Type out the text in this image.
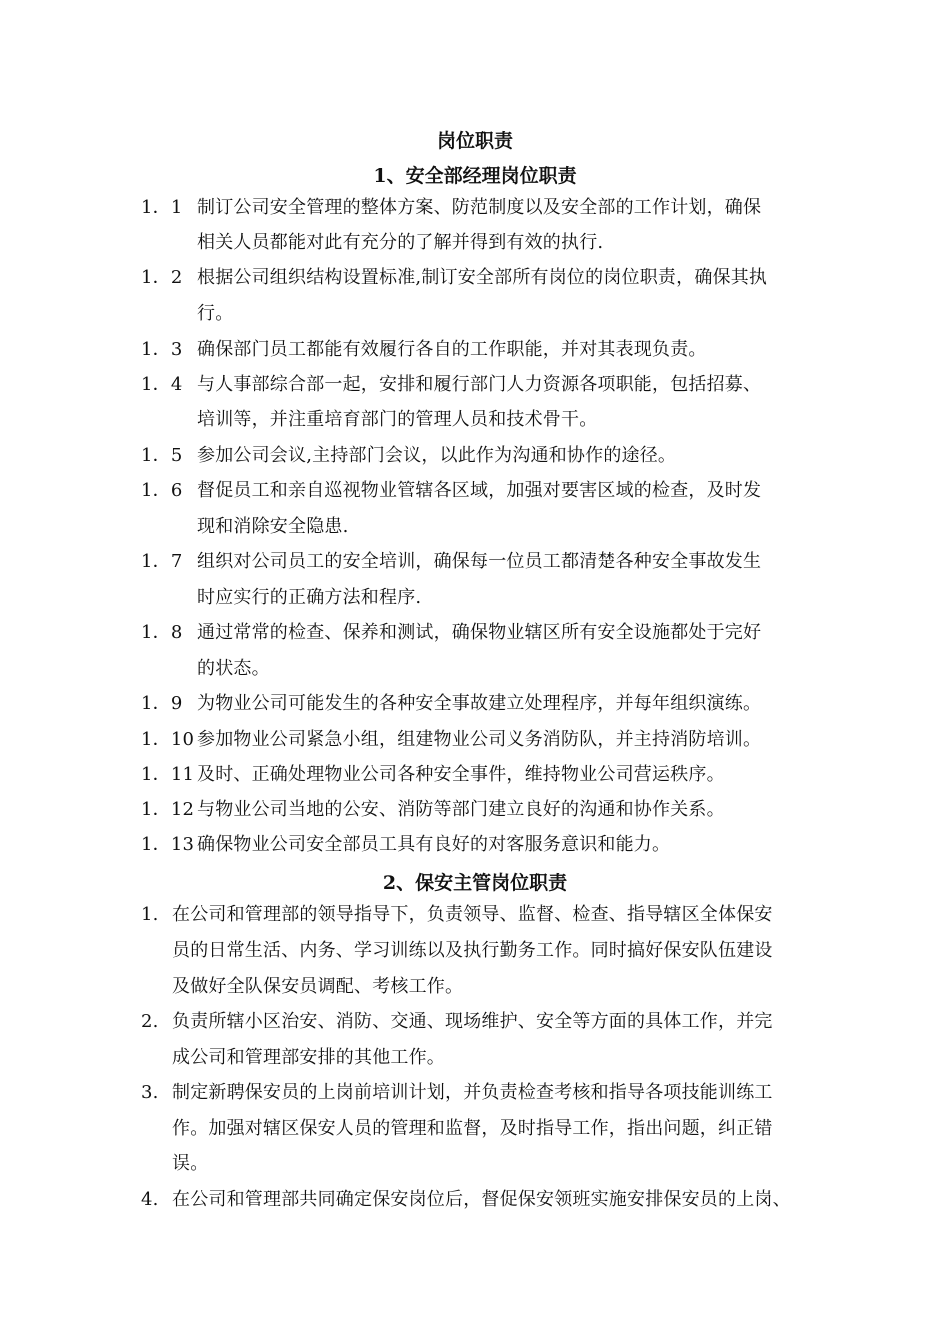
岗位职责
1、安全部经理岗位职责
1．1 制订公司安全管理的整体方案、防范制度以及安全部的工作计划，确保
相关人员都能对此有充分的了解并得到有效的执行.
1．2 根据公司组织结构设置标准,制订安全部所有岗位的岗位职责，确保其执
行。
1．3 确保部门员工都能有效履行各自的工作职能，并对其表现负责。
1．4 与人事部综合部一起，安排和履行部门人力资源各项职能，包括招募、
培训等，并注重培育部门的管理人员和技术骨干。
1．5 参加公司会议,主持部门会议，以此作为沟通和协作的途径。
1．6 督促员工和亲自巡视物业管辖各区域，加强对要害区域的检查，及时发
现和消除安全隐患.
1．7 组织对公司员工的安全培训，确保每一位员工都清楚各种安全事故发生
时应实行的正确方法和程序.
1．8 通过常常的检查、保养和测试，确保物业辖区所有安全设施都处于完好
的状态。
1．9 为物业公司可能发生的各种安全事故建立处理程序，并每年组织演练。
1．10 参加物业公司紧急小组，组建物业公司义务消防队，并主持消防培训。
1．11 及时、正确处理物业公司各种安全事件，维持物业公司营运秩序。
1．12 与物业公司当地的公安、消防等部门建立良好的沟通和协作关系。
1．13 确保物业公司安全部员工具有良好的对客服务意识和能力。
2、保安主管岗位职责
1. 在公司和管理部的领导指导下，负责领导、监督、检查、指导辖区全体保安
员的日常生活、内务、学习训练以及执行勤务工作。同时搞好保安队伍建设
及做好全队保安员调配、考核工作。
2. 负责所辖小区治安、消防、交通、现场维护、安全等方面的具体工作，并完
成公司和管理部安排的其他工作。
3. 制定新聘保安员的上岗前培训计划，并负责检查考核和指导各项技能训练工
作。加强对辖区保安人员的管理和监督，及时指导工作，指出问题，纠正错
误。
4. 在公司和管理部共同确定保安岗位后，督促保安领班实施安排保安员的上岗、
